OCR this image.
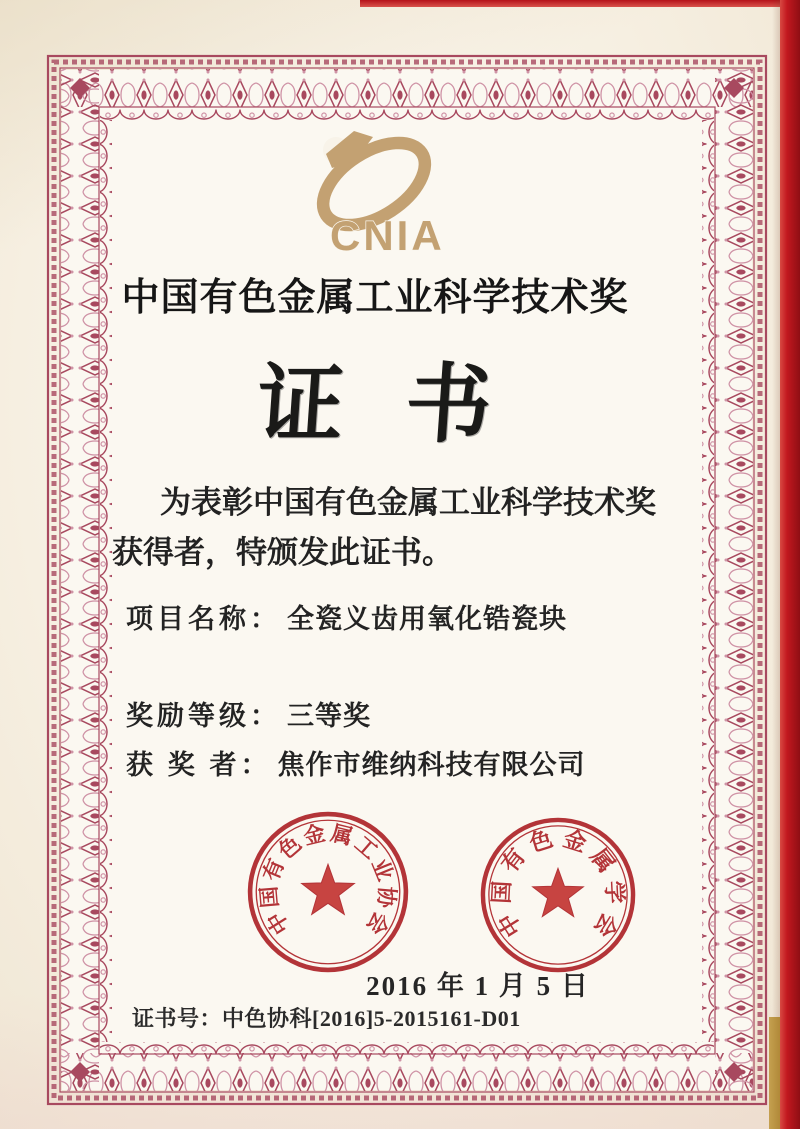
CNIA
中国有色金属工业科学技术奖
证 书
为表彰中国有色金属工业科学技术奖
获得者，特颁发此证书。
项目名称： 全瓷义齿用氧化锆瓷块
奖励等级： 三等奖
获 奖 者： 焦作市维纳科技有限公司
中
国
有
色
金 属
工
业
协
会	中
国
有
色 金
属
学
会
2016 年 1 月 5 日
证书号：中色协科[2016]5-2015161-D01
